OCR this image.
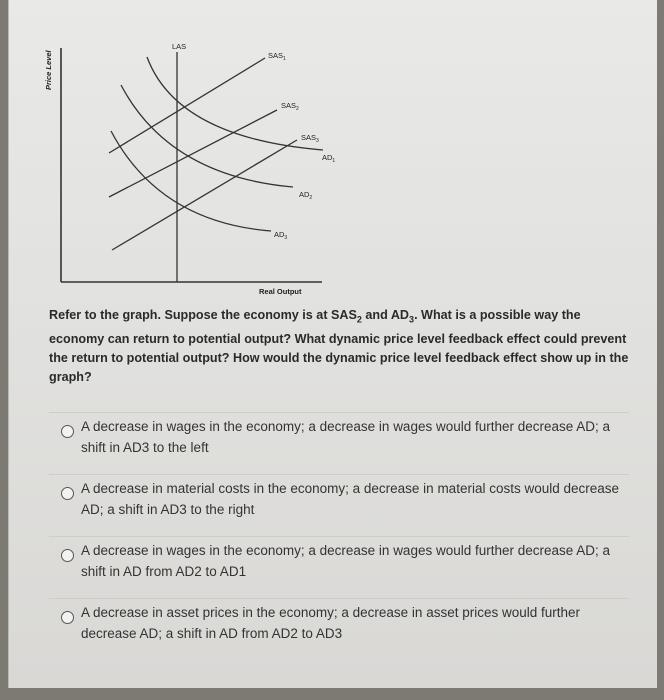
Price Level
Real Output
LAS
$SAS_1$
$SAS_2$
$SAS_3$
$AD_1$
$AD_2$
$AD_3$
Refer to the graph. Suppose the economy is at $SAS_2$ and $AD_3$. What is a possible way the economy can return to potential output? What dynamic price level feedback effect could prevent the return to potential output? How would the dynamic price level feedback effect show up in the graph?
A decrease in wages in the economy; a decrease in wages would further decrease AD; a shift in AD3 to the left
A decrease in material costs in the economy; a decrease in material costs would decrease AD; a shift in AD3 to the right
A decrease in wages in the economy; a decrease in wages would further decrease AD; a shift in AD from AD2 to AD1
A decrease in asset prices in the economy; a decrease in asset prices would further decrease AD; a shift in AD from AD2 to AD3
